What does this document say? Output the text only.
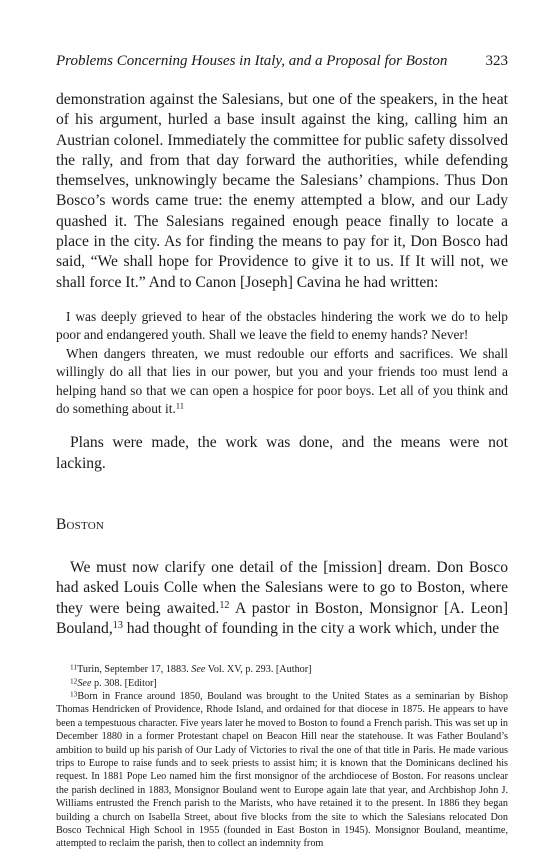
Problems Concerning Houses in Italy, and a Proposal for Boston	323

demonstration against the Salesians, but one of the speakers, in the heat of his argument, hurled a base insult against the king, calling him an Austrian colonel. Immediately the committee for public safety dissolved the rally, and from that day forward the authorities, while defending themselves, unknowingly became the Salesians’ champions. Thus Don Bosco’s words came true: the enemy attempted a blow, and our Lady quashed it. The Salesians regained enough peace finally to locate a place in the city. As for finding the means to pay for it, Don Bosco had said, “We shall hope for Providence to give it to us. If It will not, we shall force It.” And to Canon [Joseph] Cavina he had written:

I was deeply grieved to hear of the obstacles hindering the work we do to help poor and endangered youth. Shall we leave the field to enemy hands? Never!

When dangers threaten, we must redouble our efforts and sacrifices. We shall willingly do all that lies in our power, but you and your friends too must lend a helping hand so that we can open a hospice for poor boys. Let all of you think and do something about it.$^{11}$

Plans were made, the work was done, and the means were not lacking.

Boston

We must now clarify one detail of the [mission] dream. Don Bosco had asked Louis Colle when the Salesians were to go to Boston, where they were being awaited.$^{12}$ A pastor in Boston, Monsignor [A. Leon] Bouland,$^{13}$ had thought of founding in the city a work which, under the

$^{11}$Turin, September 17, 1883. See Vol. XV, p. 293. [Author]

$^{12}$See p. 308. [Editor]

$^{13}$Born in France around 1850, Bouland was brought to the United States as a seminarian by Bishop Thomas Hendricken of Providence, Rhode Island, and ordained for that diocese in 1875. He appears to have been a tempestuous character. Five years later he moved to Boston to found a French parish. This was set up in December 1880 in a former Protestant chapel on Beacon Hill near the statehouse. It was Father Bouland’s ambition to build up his parish of Our Lady of Victories to rival the one of that title in Paris. He made various trips to Europe to raise funds and to seek priests to assist him; it is known that the Dominicans declined his request. In 1881 Pope Leo named him the first monsignor of the archdiocese of Boston. For reasons unclear the parish declined in 1883, Monsignor Bouland went to Europe again late that year, and Archbishop John J. Williams entrusted the French parish to the Marists, who have retained it to the present. In 1886 they began building a church on Isabella Street, about five blocks from the site to which the Salesians relocated Don Bosco Technical High School in 1955 (founded in East Boston in 1945). Monsignor Bouland, meantime, attempted to reclaim the parish, then to collect an indemnity from
